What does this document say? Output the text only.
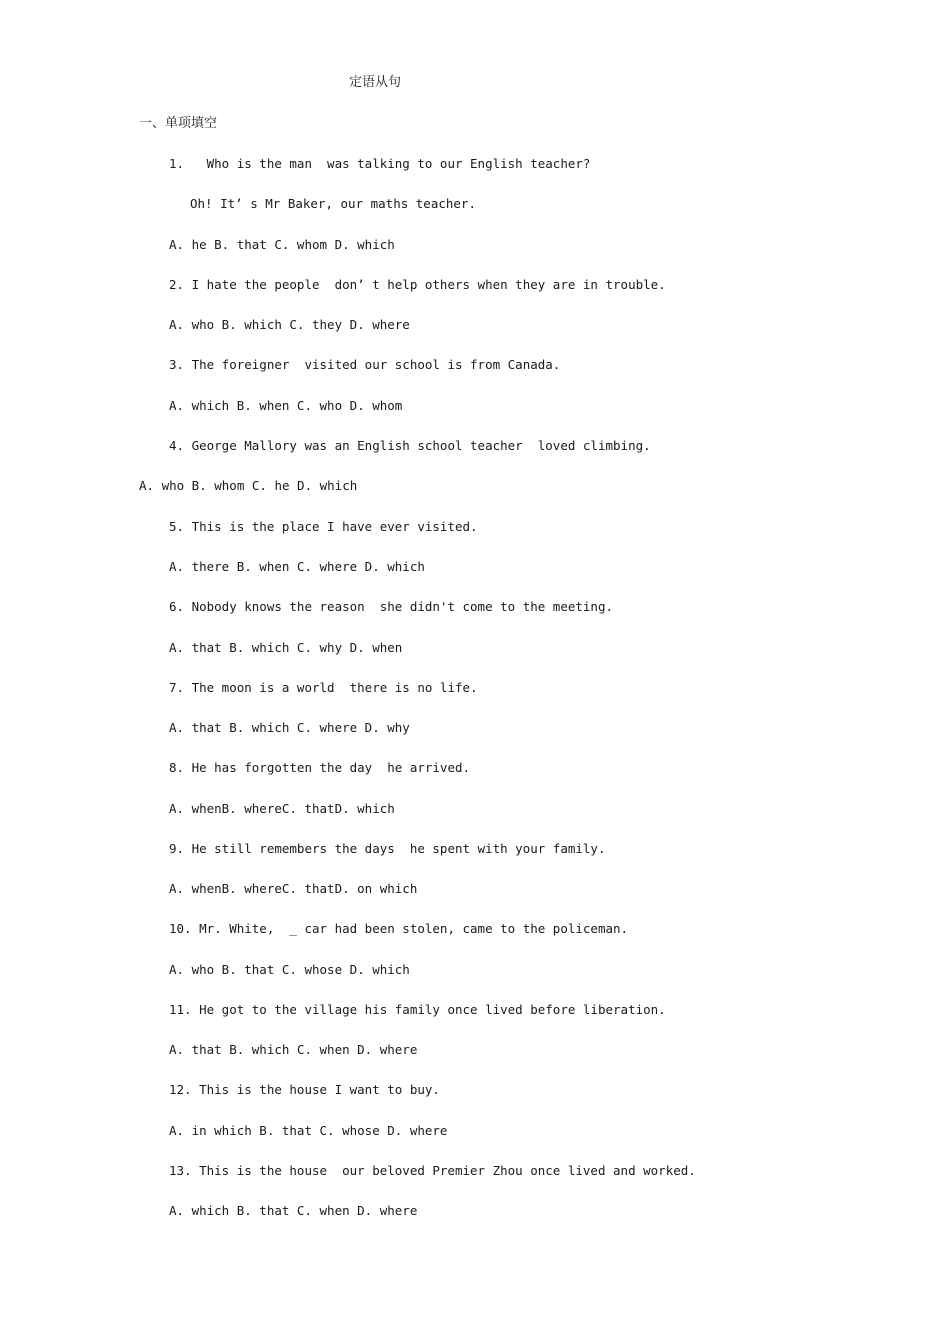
定语从句
一、单项填空
1.   Who is the man  was talking to our English teacher?
Oh! It’ s Mr Baker, our maths teacher.
A. he B. that C. whom D. which
2. I hate the people  don’ t help others when they are in trouble.
A. who B. which C. they D. where
3. The foreigner  visited our school is from Canada.
A. which B. when C. who D. whom
4. George Mallory was an English school teacher  loved climbing.
A. who B. whom C. he D. which
5. This is the place I have ever visited.
A. there B. when C. where D. which
6. Nobody knows the reason  she didn't come to the meeting.
A. that B. which C. why D. when
7. The moon is a world  there is no life.
A. that B. which C. where D. why
8. He has forgotten the day  he arrived.
A. whenB. whereC. thatD. which
9. He still remembers the days  he spent with your family.
A. whenB. whereC. thatD. on which
10. Mr. White,  _ car had been stolen, came to the policeman.
A. who B. that C. whose D. which
11. He got to the village his family once lived before liberation.
A. that B. which C. when D. where
12. This is the house I want to buy.
A. in which B. that C. whose D. where
13. This is the house  our beloved Premier Zhou once lived and worked.
A. which B. that C. when D. where
